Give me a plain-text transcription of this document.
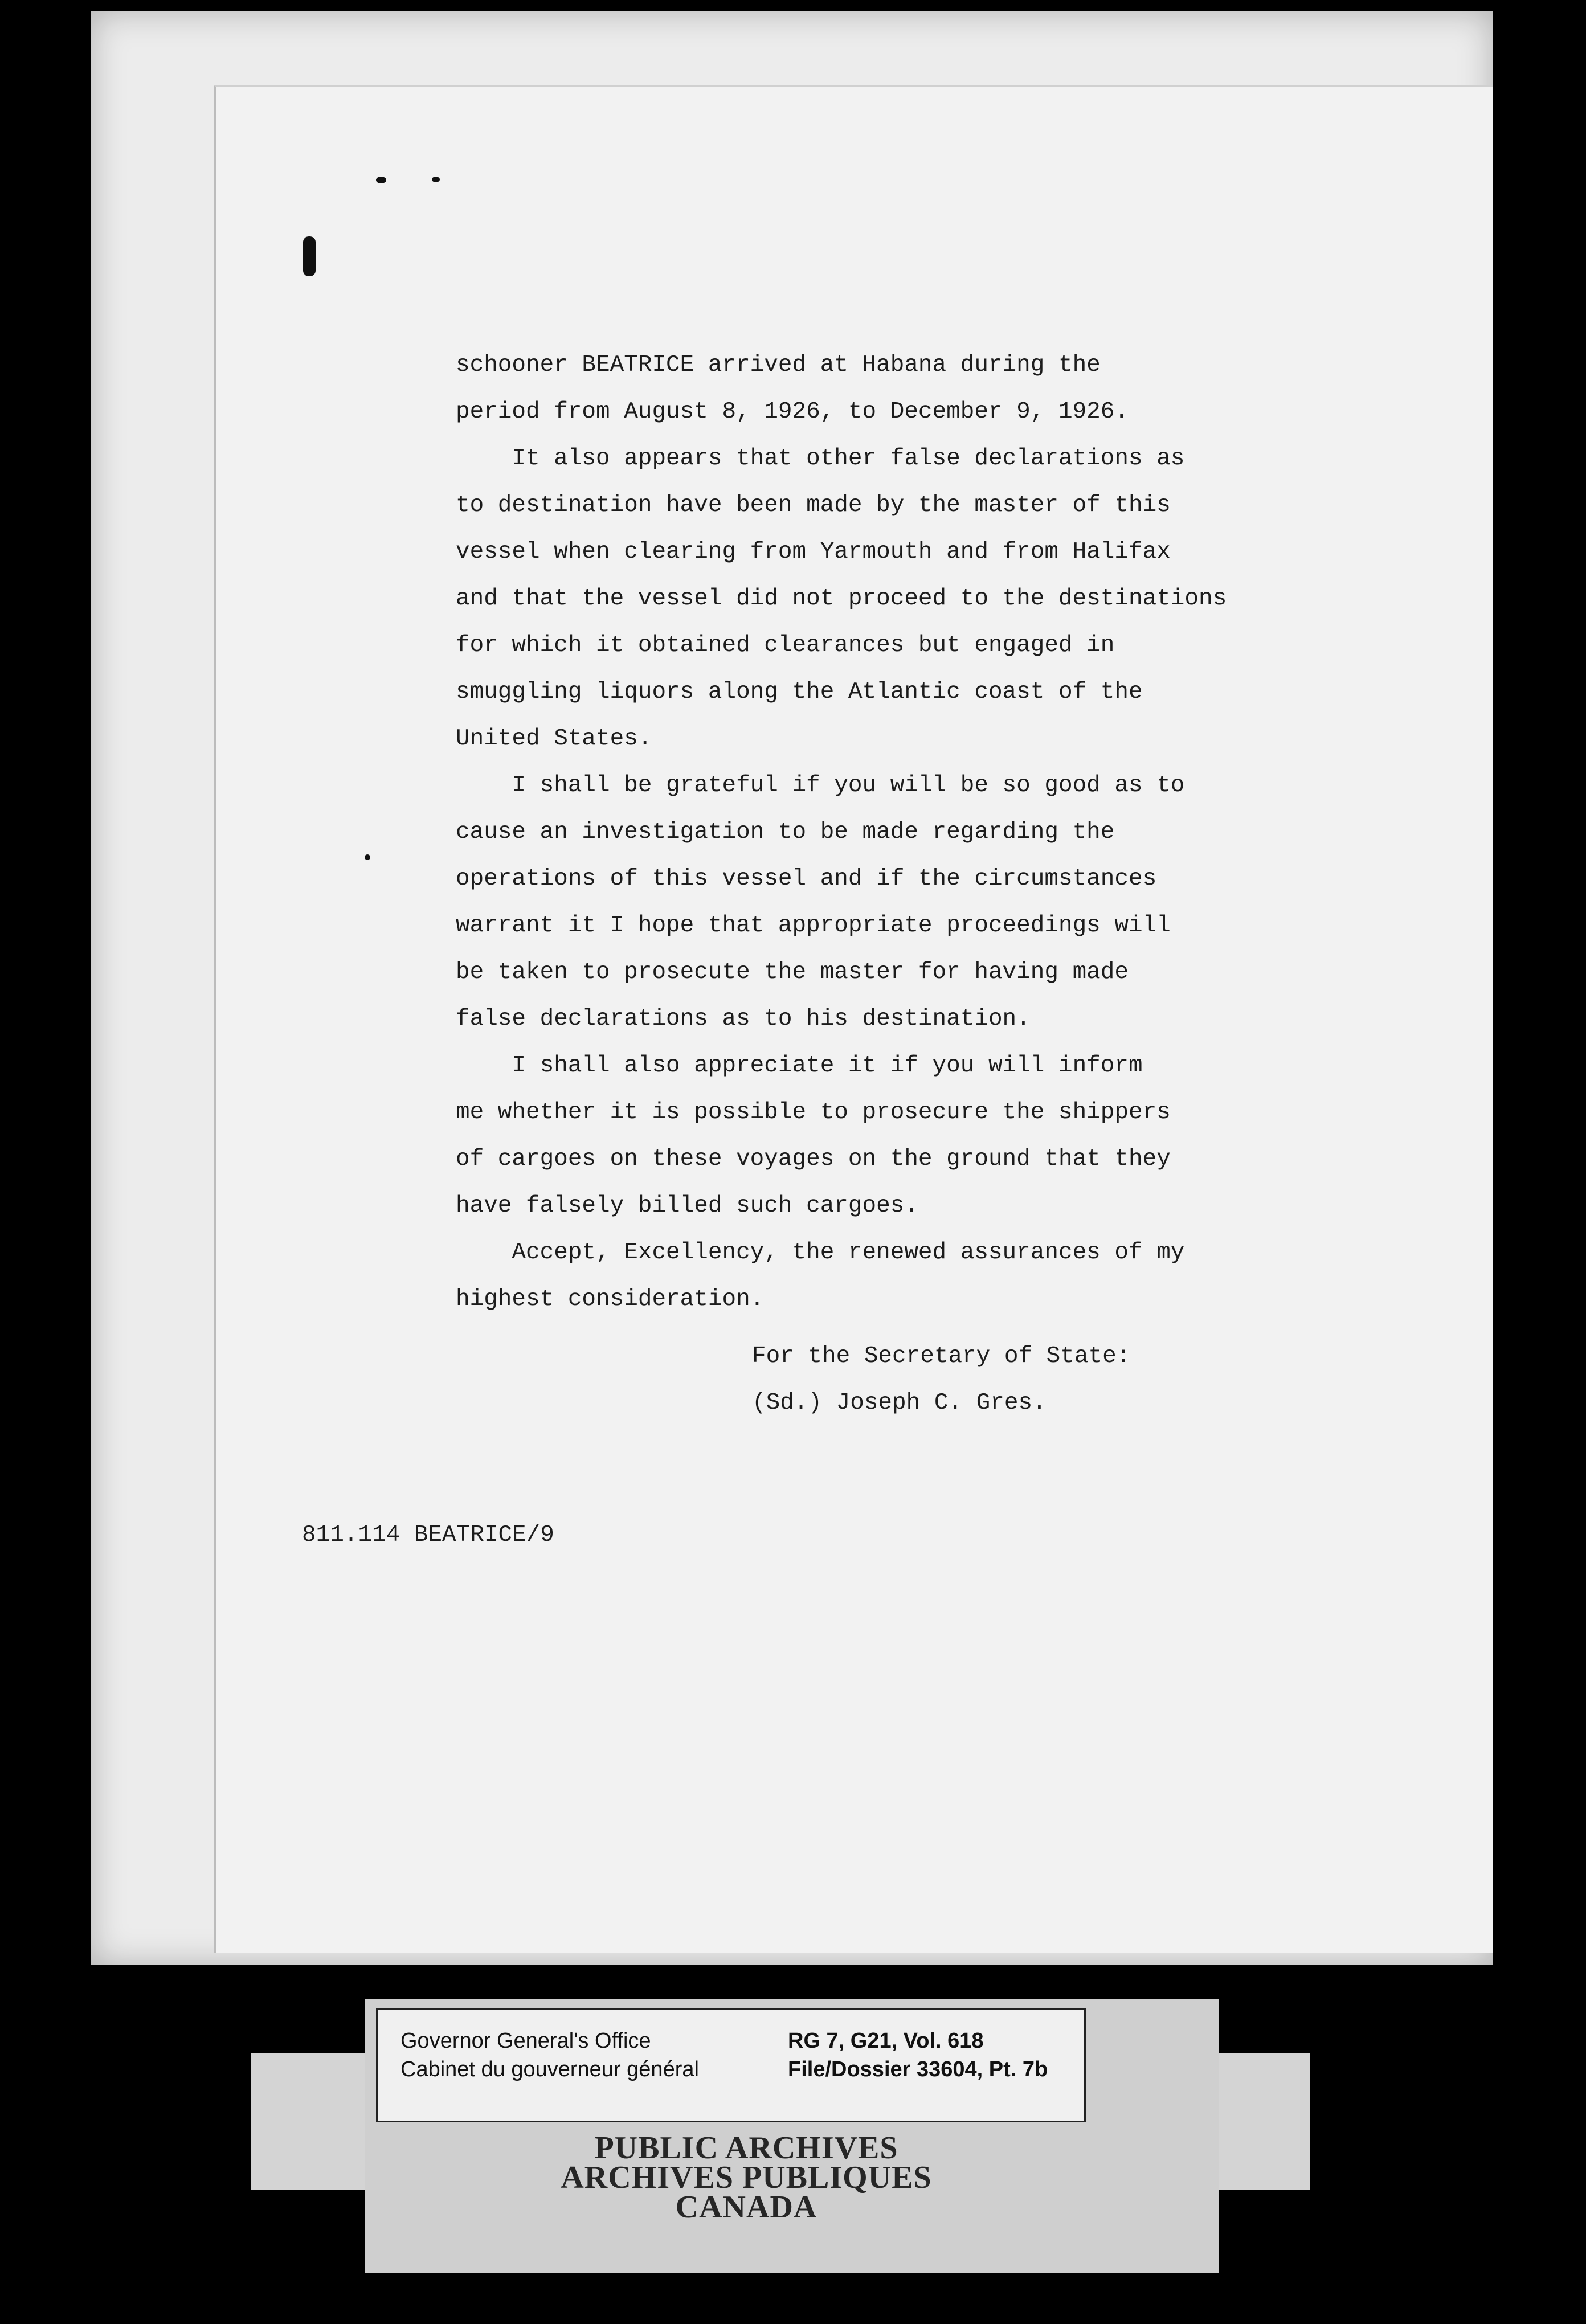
schooner BEATRICE arrived at Habana during the
period from August 8, 1926, to December 9, 1926.
It also appears that other false declarations as
to destination have been made by the master of this
vessel when clearing from Yarmouth and from Halifax
and that the vessel did not proceed to the destinations
for which it obtained clearances but engaged in
smuggling liquors along the Atlantic coast of the
United States.
I shall be grateful if you will be so good as to
cause an investigation to be made regarding the
operations of this vessel and if the circumstances
warrant it I hope that appropriate proceedings will
be taken to prosecute the master for having made
false declarations as to his destination.
I shall also appreciate it if you will inform
me whether it is possible to prosecure the shippers
of cargoes on these voyages on the ground that they
have falsely billed such cargoes.
Accept, Excellency, the renewed assurances of my
highest consideration.
For the Secretary of State:
(Sd.) Joseph C. Gres.
811.114 BEATRICE/9
Governor General's Office
Cabinet du gouverneur général
RG 7, G21, Vol. 618
File/Dossier 33604, Pt. 7b
PUBLIC ARCHIVES
ARCHIVES PUBLIQUES
CANADA
